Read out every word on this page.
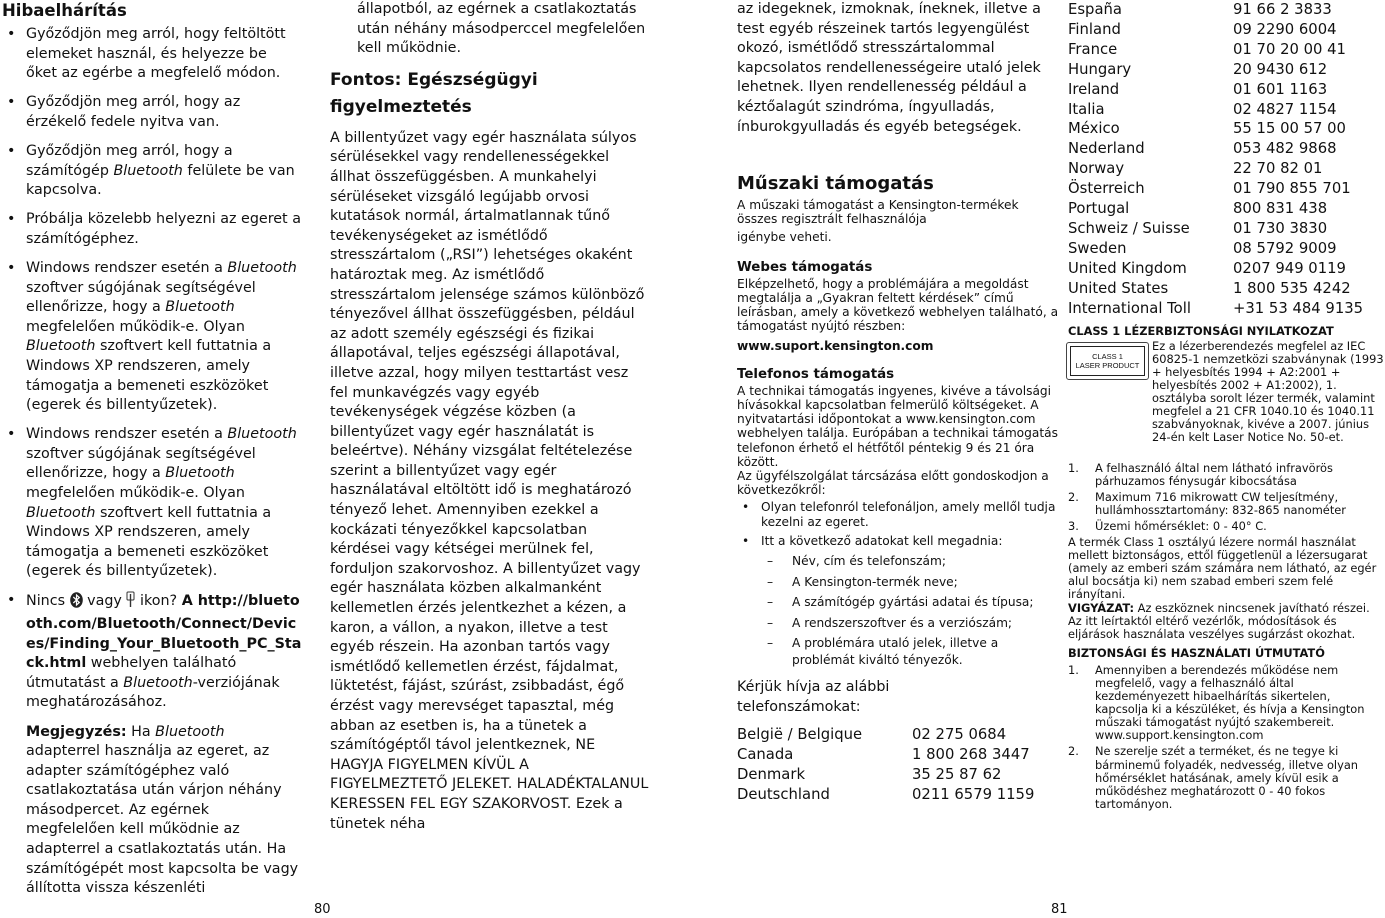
Hibaelhárítás
• Győződjön meg arról, hogy feltöltött elemeket használ, és helyezze be őket az egérbe a megfelelő módon.
• Győződjön meg arról, hogy az érzékelő fedele nyitva van.
• Győződjön meg arról, hogy a számítógép Bluetooth felülete be van kapcsolva.
• Próbálja közelebb helyezni az egeret a számítógéphez.
• Windows rendszer esetén a Bluetooth szoftver súgójának segítségével ellenőrizze, hogy a Bluetooth megfelelően működik-e. Olyan Bluetooth szoftvert kell futtatnia a Windows XP rendszeren, amely támogatja a bemeneti eszközöket (egerek és billentyűzetek).
• Windows rendszer esetén a Bluetooth szoftver súgójának segítségével ellenőrizze, hogy a Bluetooth megfelelően működik-e. Olyan Bluetooth szoftvert kell futtatnia a Windows XP rendszeren, amely támogatja a bemeneti eszközöket (egerek és billentyűzetek).
• Nincs  vagy  ikon? A http://bluetooth.com/Bluetooth/Connect/Devices/Finding_Your_Bluetooth_PC_Stack.html webhelyen található útmutatást a Bluetooth-verziójának meghatározásához.
Megjegyzés: Ha Bluetooth adapterrel használja az egeret, az adapter számítógéphez való csatlakoztatása után várjon néhány másodpercet. Az egérnek megfelelően kell működnie az adapterrel a csatlakoztatás után. Ha számítógépét most kapcsolta be vagy állította vissza készenléti
állapotból, az egérnek a csatlakoztatás után néhány másodperccel megfelelően kell működnie.
Fontos: Egészségügyi figyelmeztetés
A billentyűzet vagy egér használata súlyos sérülésekkel vagy rendellenességekkel állhat összefüggésben. A munkahelyi sérüléseket vizsgáló legújabb orvosi kutatások normál, ártalmatlannak tűnő tevékenységeket az ismétlődő stresszártalom („RSI”) lehetséges okaként határoztak meg. Az ismétlődő stresszártalom jelensége számos különböző tényezővel állhat összefüggésben, például az adott személy egészségi és fizikai állapotával, teljes egészségi állapotával, illetve azzal, hogy milyen testtartást vesz fel munkavégzés vagy egyéb tevékenységek végzése közben (a billentyűzet vagy egér használatát is beleértve). Néhány vizsgálat feltételezése szerint a billentyűzet vagy egér használatával eltöltött idő is meghatározó tényező lehet. Amennyiben ezekkel a kockázati tényezőkkel kapcsolatban kérdései vagy kétségei merülnek fel, forduljon szakorvoshoz. A billentyűzet vagy egér használata közben alkalmanként kellemetlen érzés jelentkezhet a kézen, a karon, a vállon, a nyakon, illetve a test egyéb részein. Ha azonban tartós vagy ismétlődő kellemetlen érzést, fájdalmat, lüktetést, fájást, szúrást, zsibbadást, égő érzést vagy merevséget tapasztal, még abban az esetben is, ha a tünetek a számítógéptől távol jelentkeznek, NE HAGYJA FIGYELMEN KÍVÜL A FIGYELMEZTETŐ JELEKET. HALADÉKTALANUL KERESSEN FEL EGY SZAKORVOST. Ezek a tünetek néha
az idegeknek, izmoknak, íneknek, illetve a test egyéb részeinek tartós legyengülést okozó, ismétlődő stresszártalommal kapcsolatos rendellenességeire utaló jelek lehetnek. Ilyen rendellenesség például a kéztőalagút szindróma, íngyulladás, ínburokgyulladás és egyéb betegségek.
Műszaki támogatás
A műszaki támogatást a Kensington-termékek összes regisztrált felhasználója
igénybe veheti.
Webes támogatás
Elképzelhető, hogy a problémájára a megoldást megtalálja a „Gyakran feltett kérdések” című leírásban, amely a következő webhelyen található, a támogatást nyújtó részben:
www.suport.kensington.com
Telefonos támogatás
A technikai támogatás ingyenes, kivéve a távolsági hívásokkal kapcsolatban felmerülő költségeket. A nyitvatartási időpontokat a www.kensington.com webhelyen találja. Európában a technikai támogatás telefonon érhető el hétfőtől péntekig 9 és 21 óra között.
Az ügyfélszolgálat tárcsázása előtt gondoskodjon a következőkről:
• Olyan telefonról telefonáljon, amely mellől tudja kezelni az egeret.
• Itt a következő adatokat kell megadnia:
– Név, cím és telefonszám;
– A Kensington-termék neve;
– A számítógép gyártási adatai és típusa;
– A rendszerszoftver és a verziószám;
– A problémára utaló jelek, illetve a problémát kiváltó tényezők.
Kérjük hívja az alábbi telefonszámokat:
België / Belgique	02 275 0684
Canada	1 800 268 3447
Denmark	35 25 87 62
Deutschland	0211 6579 1159
España	91 66 2 3833
Finland	09 2290 6004
France	01 70 20 00 41
Hungary	20 9430 612
Ireland	01 601 1163
Italia	02 4827 1154
México	55 15 00 57 00
Nederland	053 482 9868
Norway	22 70 82 01
Österreich	01 790 855 701
Portugal	800 831 438
Schweiz / Suisse	01 730 3830
Sweden	08 5792 9009
United Kingdom	0207 949 0119
United States	1 800 535 4242
International Toll	+31 53 484 9135
CLASS 1 LÉZERBIZTONSÁGI NYILATKOZAT
Ez a lézerberendezés megfelel az IEC 60825-1 nemzetközi szabványnak (1993 + helyesbítés 1994 + A2:2001 + helyesbítés 2002 + A1:2002), 1. osztályba sorolt lézer termék, valamint megfelel a 21 CFR 1040.10 és 1040.11 szabványoknak, kivéve a 2007. június 24-én kelt Laser Notice No. 50-et.
1. A felhasználó által nem látható infravörös párhuzamos fénysugár kibocsátása
2. Maximum 716 mikrowatt CW teljesítmény, hullámhossztartomány: 832-865 nanométer
3. Üzemi hőmérséklet: 0 - 40° C.
A termék Class 1 osztályú lézere normál használat mellett biztonságos, ettől függetlenül a lézersugarat (amely az emberi szám számára nem látható, az egér alul bocsátja ki) nem szabad emberi szem felé irányítani.
VIGYÁZAT: Az eszköznek nincsenek javítható részei. Az itt leírtaktól eltérő vezérlők, módosítások és eljárások használata veszélyes sugárzást okozhat.
BIZTONSÁGI ÉS HASZNÁLATI ÚTMUTATÓ
1. Amennyiben a berendezés működése nem megfelelő, vagy a felhasználó által kezdeményezett hibaelhárítás sikertelen, kapcsolja ki a készüléket, és hívja a Kensington műszaki támogatást nyújtó szakembereit. www.support.kensington.com
2. Ne szerelje szét a terméket, és ne tegye ki bárminemű folyadék, nedvesség, illetve olyan hőmérséklet hatásának, amely kívül esik a működéshez meghatározott 0 - 40 fokos tartományon.
CLASS 1
LASER PRODUCT
80	81
